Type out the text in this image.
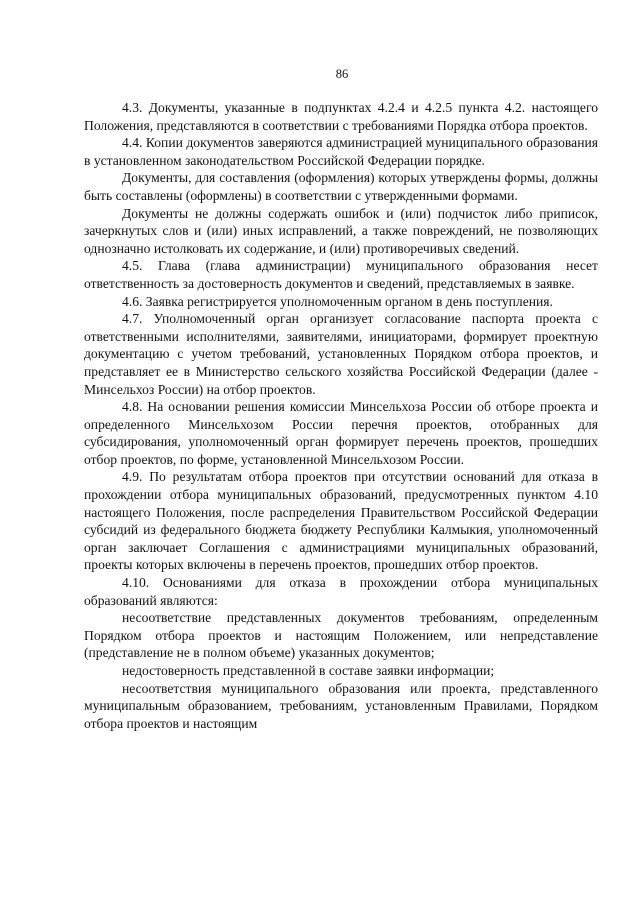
86

4.3. Документы, указанные в подпунктах 4.2.4 и 4.2.5 пункта 4.2. настоящего Положения, представляются в соответствии с требованиями Порядка отбора проектов.

4.4. Копии документов заверяются администрацией муниципального образования в установленном законодательством Российской Федерации порядке.

Документы, для составления (оформления) которых утверждены формы, должны быть составлены (оформлены) в соответствии с утвержденными формами.

Документы не должны содержать ошибок и (или) подчисток либо приписок, зачеркнутых слов и (или) иных исправлений, а также повреждений, не позволяющих однозначно истолковать их содержание, и (или) противоречивых сведений.

4.5. Глава (глава администрации) муниципального образования несет ответственность за достоверность документов и сведений, представляемых в заявке.

4.6. Заявка регистрируется уполномоченным органом в день поступления.

4.7. Уполномоченный орган организует согласование паспорта проекта с ответственными исполнителями, заявителями, инициаторами, формирует проектную документацию с учетом требований, установленных Порядком отбора проектов, и представляет ее в Министерство сельского хозяйства Российской Федерации (далее - Минсельхоз России) на отбор проектов.

4.8. На основании решения комиссии Минсельхоза России об отборе проекта и определенного Минсельхозом России перечня проектов, отобранных для субсидирования, уполномоченный орган формирует перечень проектов, прошедших отбор проектов, по форме, установленной Минсельхозом России.

4.9. По результатам отбора проектов при отсутствии оснований для отказа в прохождении отбора муниципальных образований, предусмотренных пунктом 4.10 настоящего Положения, после распределения Правительством Российской Федерации субсидий из федерального бюджета бюджету Республики Калмыкия, уполномоченный орган заключает Соглашения с администрациями муниципальных образований, проекты которых включены в перечень проектов, прошедших отбор проектов.

4.10. Основаниями для отказа в прохождении отбора муниципальных образований являются:

несоответствие представленных документов требованиям, определенным Порядком отбора проектов и настоящим Положением, или непредставление (представление не в полном объеме) указанных документов;

недостоверность представленной в составе заявки информации;

несоответствия муниципального образования или проекта, представленного муниципальным образованием, требованиям, установленным Правилами, Порядком отбора проектов и настоящим
